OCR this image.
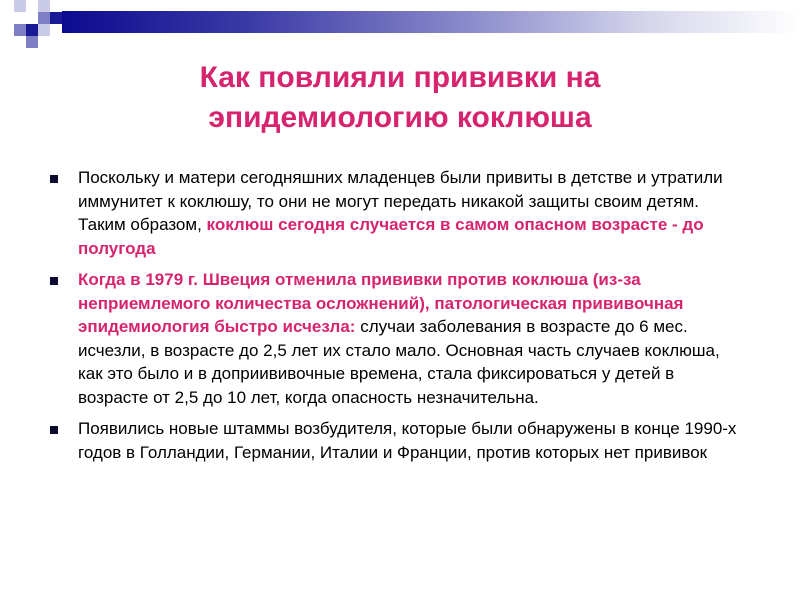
Как повлияли прививки на
эпидемиологию коклюша
Поскольку и матери сегодняшних младенцев были привиты в детстве и утратили иммунитет к коклюшу, то они не могут передать никакой защиты своим детям. Таким образом, коклюш сегодня случается в самом опасном возрасте - до полугода
Когда в 1979 г. Швеция отменила прививки против коклюша (из-за неприемлемого количества осложнений), патологическая прививочная эпидемиология быстро исчезла: случаи заболевания в возрасте до 6 мес. исчезли, в возрасте до 2,5 лет их стало мало. Основная часть случаев коклюша, как это было и в доприививочные времена, стала фиксироваться у детей в возрасте от 2,5 до 10 лет, когда опасность незначительна.
Появились новые штаммы возбудителя, которые были обнаружены в конце 1990-х годов в Голландии, Германии, Италии и Франции, против которых нет прививок
